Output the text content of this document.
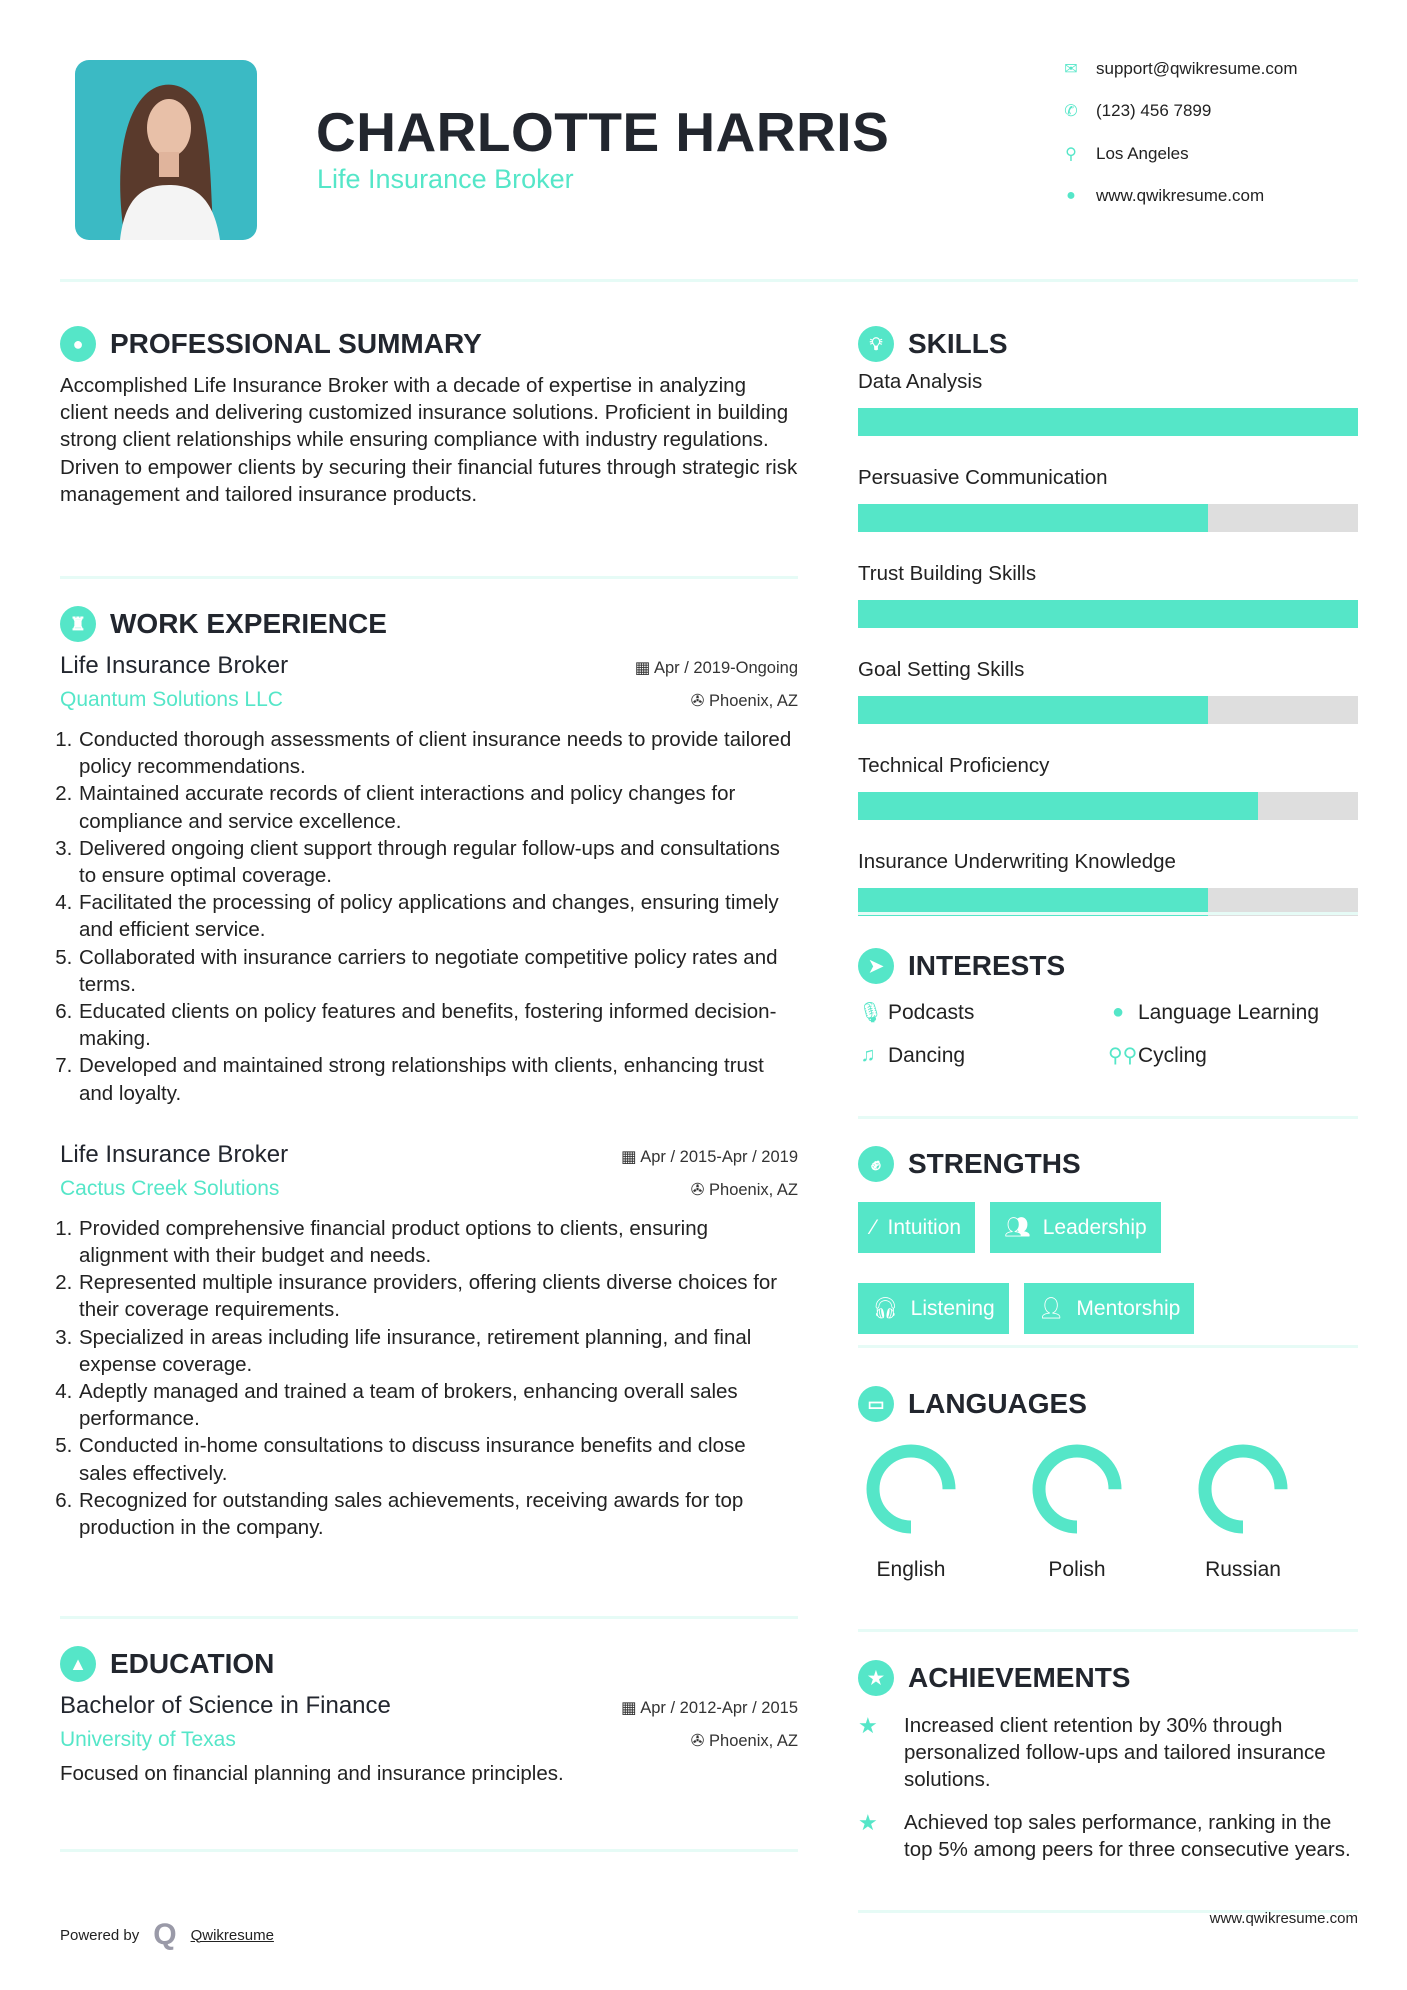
CHARLOTTE HARRIS
Life Insurance Broker
✉ support@qwikresume.com
✆ (123) 456 7899
⚲ Los Angeles
● www.qwikresume.com
● PROFESSIONAL SUMMARY
Accomplished Life Insurance Broker with a decade of expertise in analyzing client needs and delivering customized insurance solutions. Proficient in building strong client relationships while ensuring compliance with industry regulations. Driven to empower clients by securing their financial futures through strategic risk management and tailored insurance products.
♜ WORK EXPERIENCE
Life Insurance Broker	▦ Apr / 2019-Ongoing
Quantum Solutions LLC	✇ Phoenix, AZ
1. Conducted thorough assessments of client insurance needs to provide tailored policy recommendations.
2. Maintained accurate records of client interactions and policy changes for compliance and service excellence.
3. Delivered ongoing client support through regular follow-ups and consultations to ensure optimal coverage.
4. Facilitated the processing of policy applications and changes, ensuring timely and efficient service.
5. Collaborated with insurance carriers to negotiate competitive policy rates and terms.
6. Educated clients on policy features and benefits, fostering informed decision-making.
7. Developed and maintained strong relationships with clients, enhancing trust and loyalty.
Life Insurance Broker	▦ Apr / 2015-Apr / 2019
Cactus Creek Solutions	✇ Phoenix, AZ
1. Provided comprehensive financial product options to clients, ensuring alignment with their budget and needs.
2. Represented multiple insurance providers, offering clients diverse choices for their coverage requirements.
3. Specialized in areas including life insurance, retirement planning, and final expense coverage.
4. Adeptly managed and trained a team of brokers, enhancing overall sales performance.
5. Conducted in-home consultations to discuss insurance benefits and close sales effectively.
6. Recognized for outstanding sales achievements, receiving awards for top production in the company.
▲ EDUCATION
Bachelor of Science in Finance	▦ Apr / 2012-Apr / 2015
University of Texas	✇ Phoenix, AZ
Focused on financial planning and insurance principles.
Powered by Q Qwikresume
💡︎ SKILLS
Data Analysis
Persuasive Communication
Trust Building Skills
Goal Setting Skills
Technical Proficiency
Insurance Underwriting Knowledge
➤ INTERESTS
🎙︎ Podcasts	● Language Learning
♫ Dancing	⚲⚲ Cycling
✊︎ STRENGTHS
⁄ Intuition 👥︎ Leadership
🎧︎ Listening 👤︎ Mentorship
▭ LANGUAGES
English	Polish	Russian
★ ACHIEVEMENTS
★	Increased client retention by 30% through personalized follow-ups and tailored insurance solutions.
★	Achieved top sales performance, ranking in the top 5% among peers for three consecutive years.
www.qwikresume.com
